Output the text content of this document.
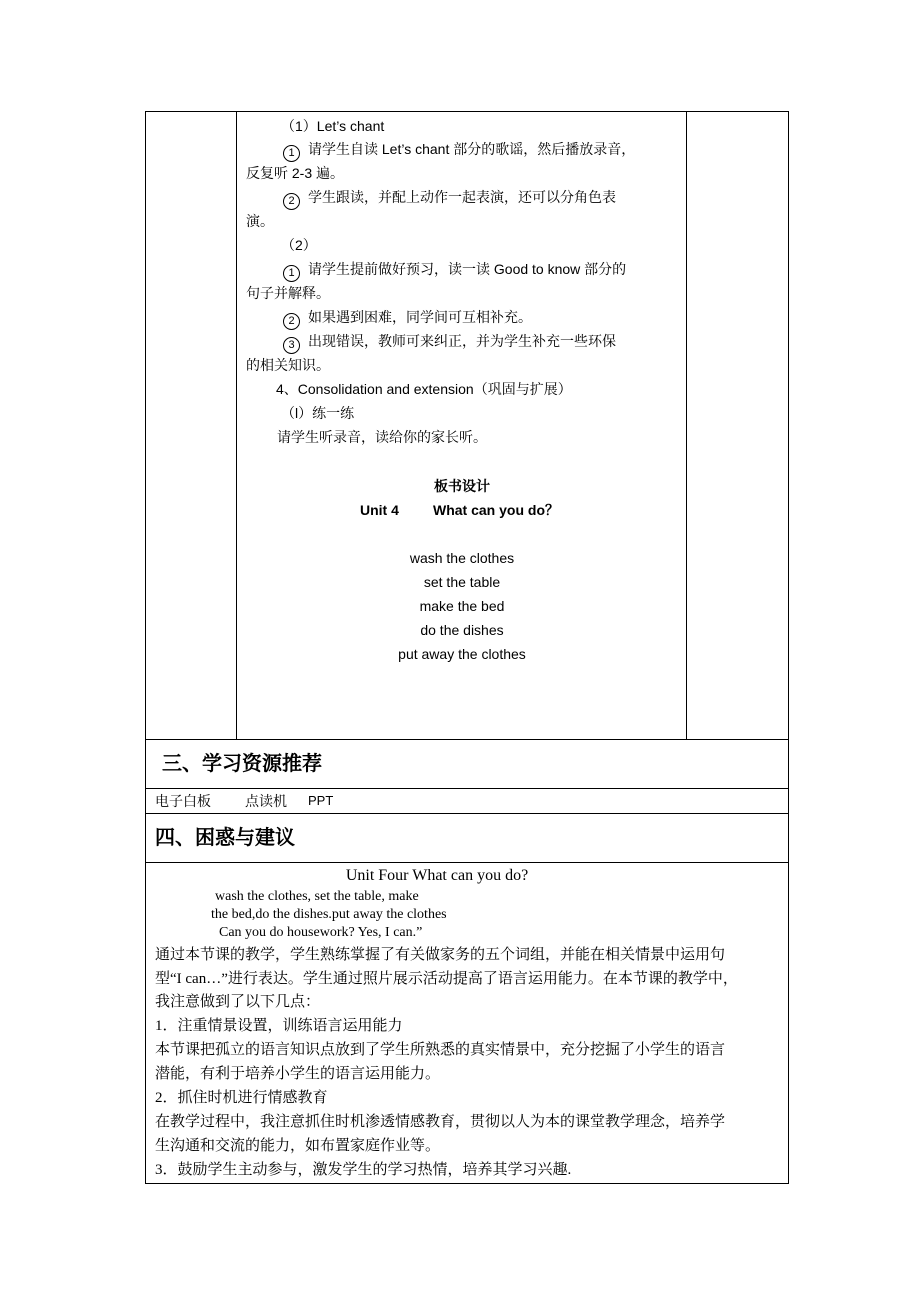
（1）Let’s chant
1 请学生自读 Let’s chant 部分的歌谣，然后播放录音，
反复听 2-3 遍。
2 学生跟读，并配上动作一起表演，还可以分角色表
演。
（2）
1 请学生提前做好预习，读一读 Good to know 部分的
句子并解释。
2 如果遇到困难，同学间可互相补充。
3 出现错误，教师可来纠正，并为学生补充一些环保
的相关知识。
4、Consolidation and extension（巩固与扩展）
（l）练一练
请学生听录音，读给你的家长听。
板书设计
Unit 4 What can you do？
wash the clothes
set the table
make the bed
do the dishes
put away the clothes
三、学习资源推荐
电子白板 点读机 PPT
四、困惑与建议
Unit Four What can you do?
wash the clothes, set the table, make
the bed,do the dishes.put away the clothes
Can you do housework? Yes, I can.”
通过本节课的教学，学生熟练掌握了有关做家务的五个词组，并能在相关情景中运用句
型“I can…”进行表达。学生通过照片展示活动提高了语言运用能力。在本节课的教学中，
我注意做到了以下几点：
1．注重情景设置，训练语言运用能力
本节课把孤立的语言知识点放到了学生所熟悉的真实情景中，充分挖掘了小学生的语言
潜能，有利于培养小学生的语言运用能力。
2．抓住时机进行情感教育
在教学过程中，我注意抓住时机渗透情感教育，贯彻以人为本的课堂教学理念，培养学
生沟通和交流的能力，如布置家庭作业等。
3．鼓励学生主动参与，激发学生的学习热情，培养其学习兴趣.
